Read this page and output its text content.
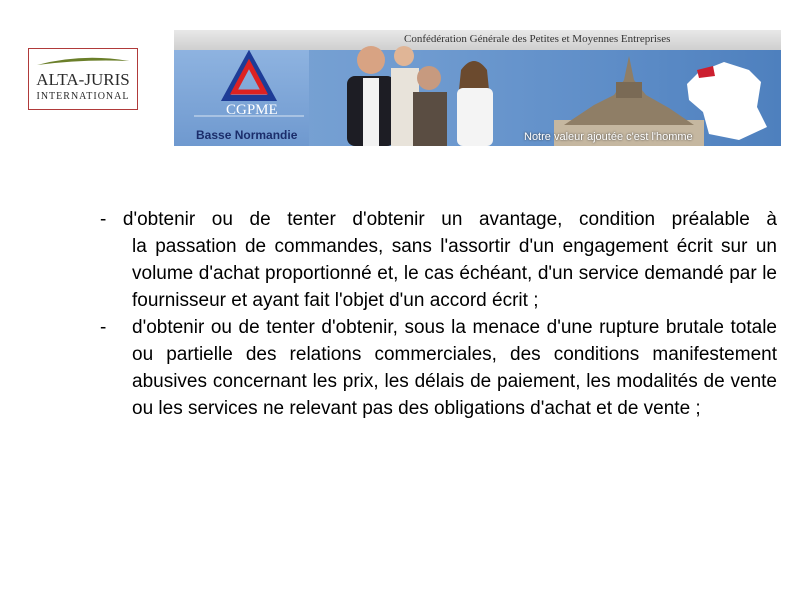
ALTA-JURIS
INTERNATIONAL
Confédération Générale des Petites et Moyennes Entreprises
CGPME
Basse Normandie	Notre valeur ajoutée c'est l'homme
- d'obtenir ou de tenter d'obtenir un avantage, condition préalable à
la passation de commandes, sans l'assortir d'un engagement écrit sur un volume d'achat proportionné et, le cas échéant, d'un service demandé par le fournisseur et ayant fait l'objet d'un accord écrit ;
- d'obtenir ou de tenter d'obtenir, sous la menace d'une rupture brutale totale ou partielle des relations commerciales, des conditions manifestement abusives concernant les prix, les délais de paiement, les modalités de vente ou les services ne relevant pas des obligations d'achat et de vente ;
